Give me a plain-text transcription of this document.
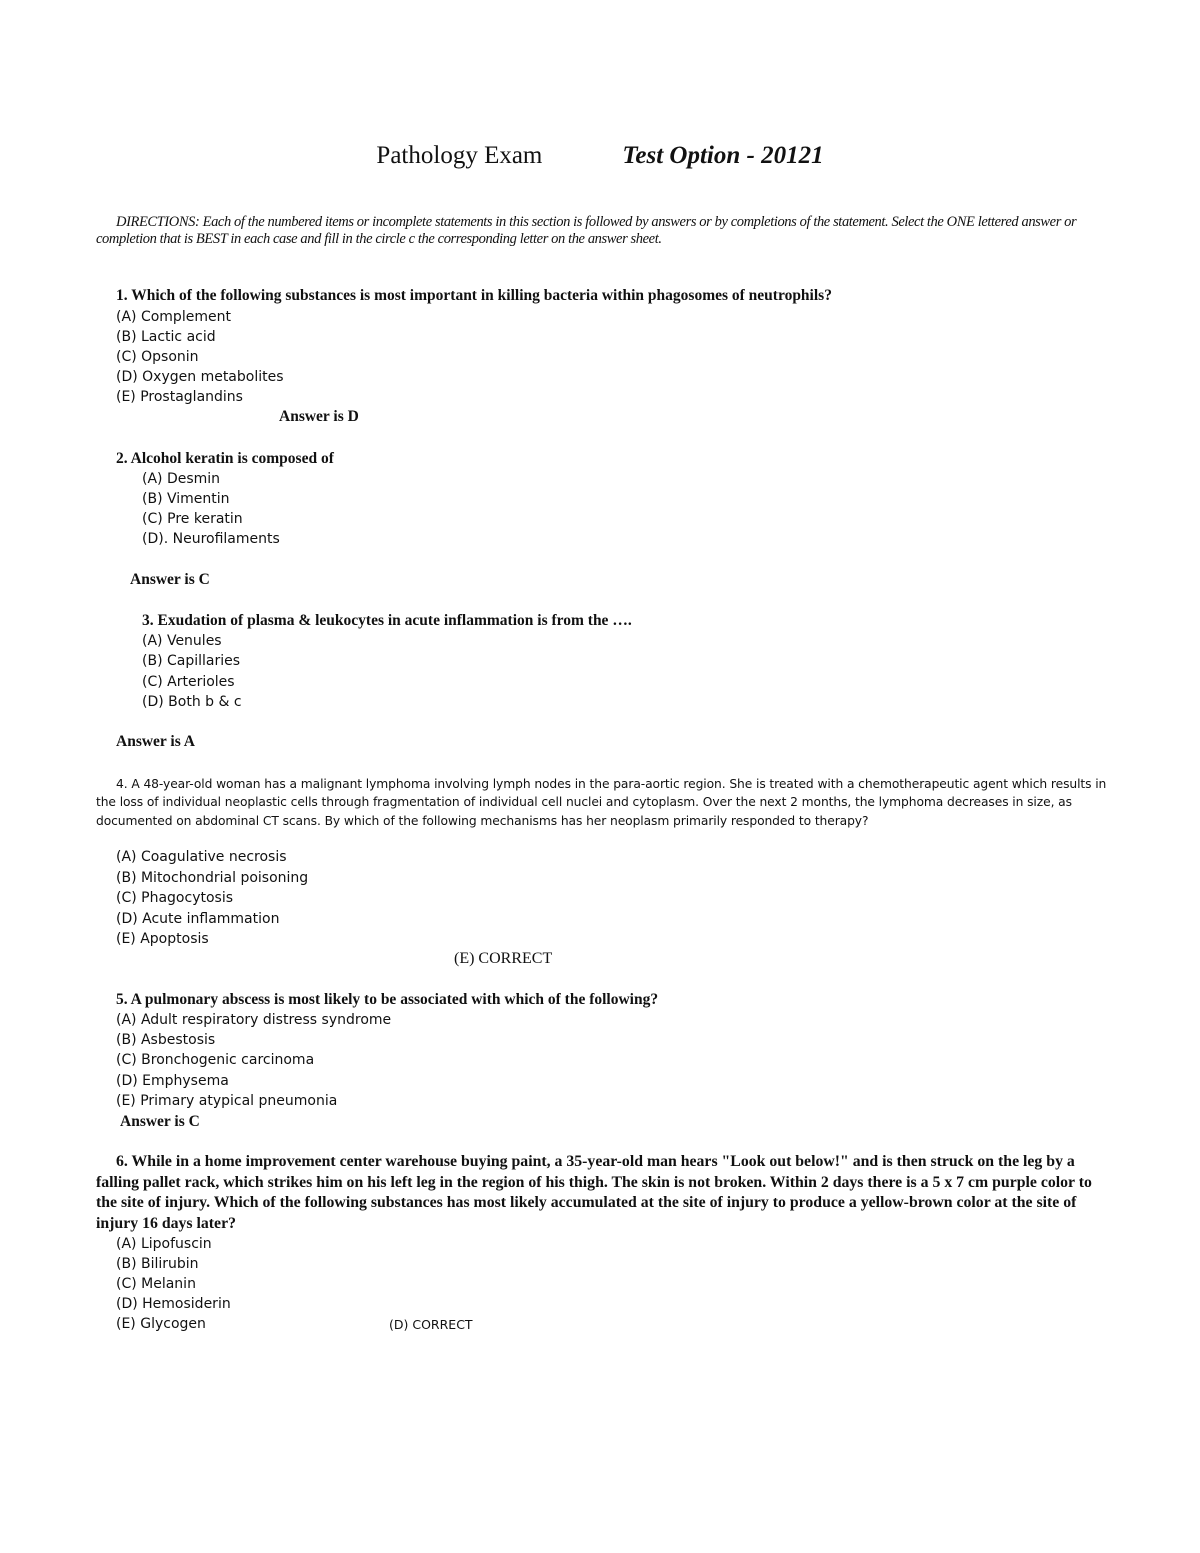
Pathology Exam	Test Option - 20121
DIRECTIONS: Each of the numbered items or incomplete statements in this section is followed by answers or by completions of the statement. Select the ONE lettered answer or completion that is BEST in each case and fill in the circle c the corresponding letter on the answer sheet.
1. Which of the following substances is most important in killing bacteria within phagosomes of neutrophils?
(A) Complement
(B) Lactic acid
(C) Opsonin
(D) Oxygen metabolites
(E) Prostaglandins
Answer is D
2. Alcohol keratin is composed of
(A) Desmin
(B) Vimentin
(C) Pre keratin
(D). Neurofilaments
Answer is C
3. Exudation of plasma & leukocytes in acute inflammation is from the ….
(A) Venules
(B) Capillaries
(C) Arterioles
(D) Both b & c
Answer is A
4. A 48-year-old woman has a malignant lymphoma involving lymph nodes in the para-aortic region. She is treated with a chemotherapeutic agent which results in the loss of individual neoplastic cells through fragmentation of individual cell nuclei and cytoplasm. Over the next 2 months, the lymphoma decreases in size, as documented on abdominal CT scans. By which of the following mechanisms has her neoplasm primarily responded to therapy?
(A) Coagulative necrosis
(B) Mitochondrial poisoning
(C) Phagocytosis
(D) Acute inflammation
(E) Apoptosis
(E) CORRECT
5. A pulmonary abscess is most likely to be associated with which of the following?
(A) Adult respiratory distress syndrome
(B) Asbestosis
(C) Bronchogenic carcinoma
(D) Emphysema
(E) Primary atypical pneumonia
Answer is C
6. While in a home improvement center warehouse buying paint, a 35-year-old man hears "Look out below!" and is then struck on the leg by a falling pallet rack, which strikes him on his left leg in the region of his thigh. The skin is not broken. Within 2 days there is a 5 x 7 cm purple color to the site of injury. Which of the following substances has most likely accumulated at the site of injury to produce a yellow-brown color at the site of injury 16 days later?
(A) Lipofuscin
(B) Bilirubin
(C) Melanin
(D) Hemosiderin
(E) Glycogen	(D) CORRECT
